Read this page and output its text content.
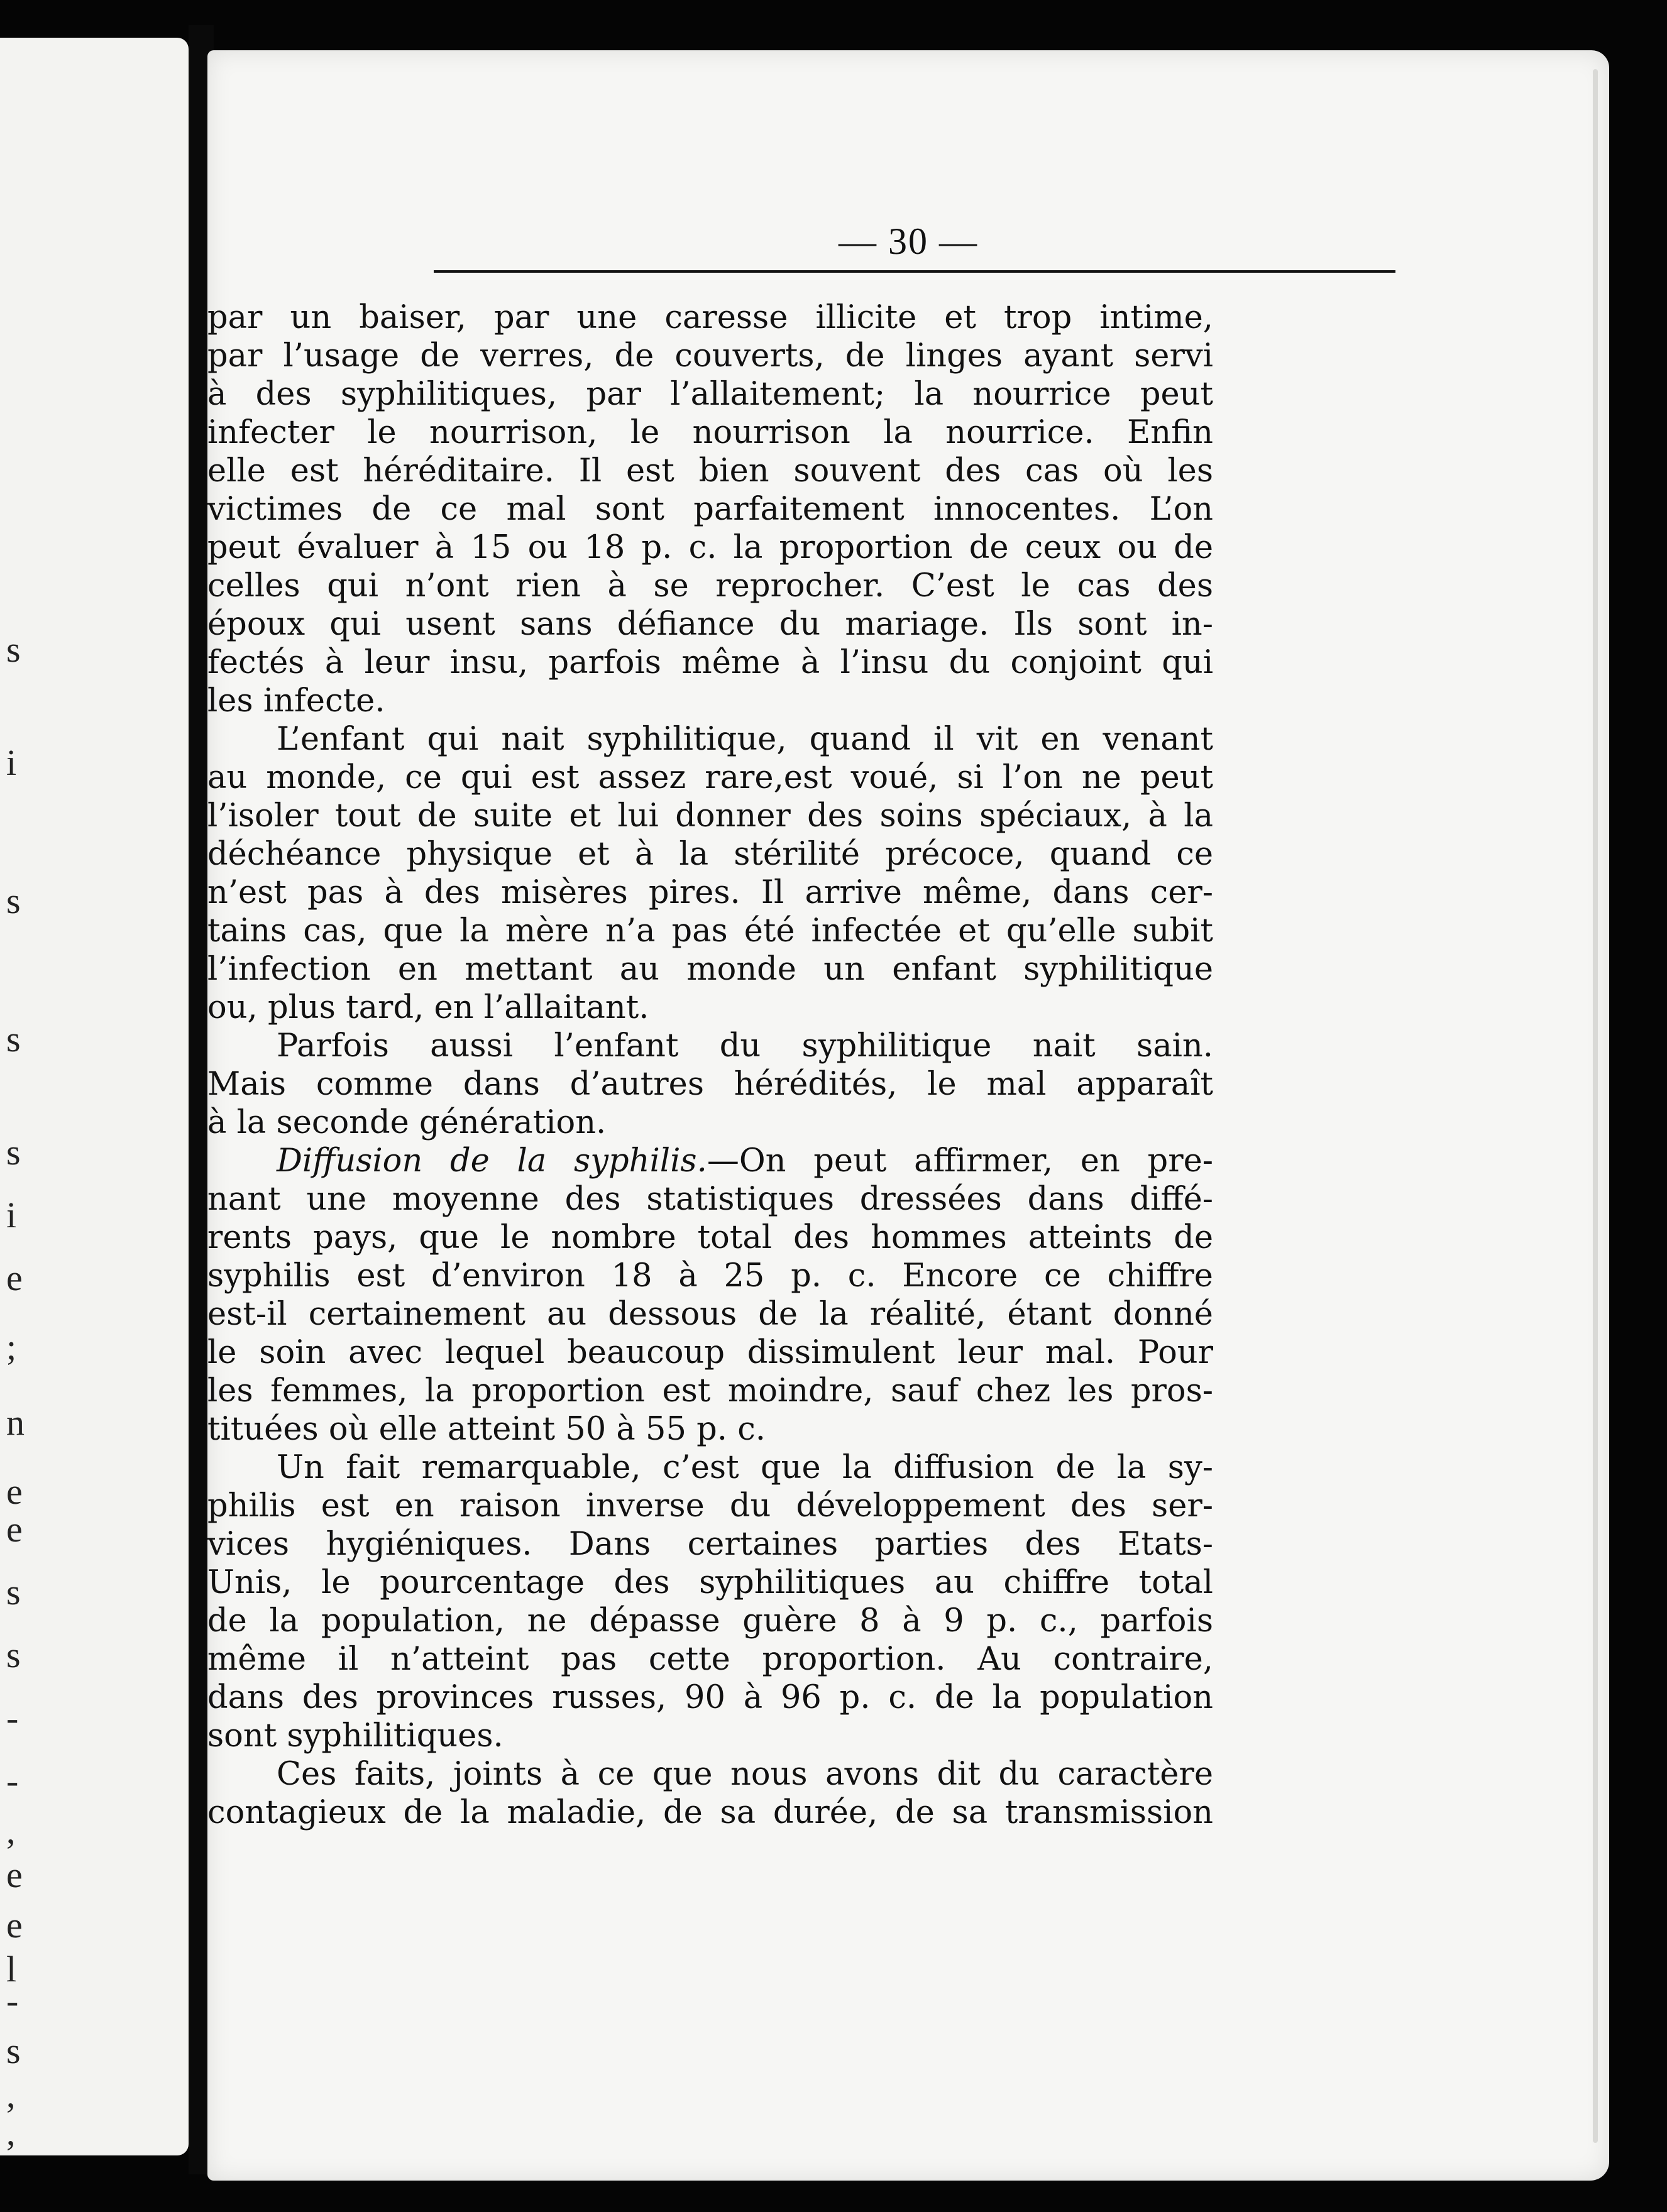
s
i
s
s
s
i
e
;
n
e
e
s
s
-
-
,
e
e
l
-
s
,
,
— 30 —
par un baiser, par une caresse illicite et trop intime,
par l’usage de verres, de couverts, de linges ayant servi
à des syphilitiques, par l’allaitement; la nourrice peut
infecter le nourrison, le nourrison la nourrice. Enfin
elle est héréditaire. Il est bien souvent des cas où les
victimes de ce mal sont parfaitement innocentes. L’on
peut évaluer à 15 ou 18 p. c. la proportion de ceux ou de
celles qui n’ont rien à se reprocher. C’est le cas des
époux qui usent sans défiance du mariage. Ils sont in-
fectés à leur insu, parfois même à l’insu du conjoint qui
les infecte.
L’enfant qui nait syphilitique, quand il vit en venant
au monde, ce qui est assez rare,est voué, si l’on ne peut
l’isoler tout de suite et lui donner des soins spéciaux, à la
déchéance physique et à la stérilité précoce, quand ce
n’est pas à des misères pires. Il arrive même, dans cer-
tains cas, que la mère n’a pas été infectée et qu’elle subit
l’infection en mettant au monde un enfant syphilitique
ou, plus tard, en l’allaitant.
Parfois aussi l’enfant du syphilitique nait sain.
Mais comme dans d’autres hérédités, le mal apparaît
à la seconde génération.
Diffusion de la syphilis.—On peut affirmer, en pre-
nant une moyenne des statistiques dressées dans diffé-
rents pays, que le nombre total des hommes atteints de
syphilis est d’environ 18 à 25 p. c. Encore ce chiffre
est-il certainement au dessous de la réalité, étant donné
le soin avec lequel beaucoup dissimulent leur mal. Pour
les femmes, la proportion est moindre, sauf chez les pros-
tituées où elle atteint 50 à 55 p. c.
Un fait remarquable, c’est que la diffusion de la sy-
philis est en raison inverse du développement des ser-
vices hygiéniques. Dans certaines parties des Etats-
Unis, le pourcentage des syphilitiques au chiffre total
de la population, ne dépasse guère 8 à 9 p. c., parfois
même il n’atteint pas cette proportion. Au contraire,
dans des provinces russes, 90 à 96 p. c. de la population
sont syphilitiques.
Ces faits, joints à ce que nous avons dit du caractère
contagieux de la maladie, de sa durée, de sa transmission
